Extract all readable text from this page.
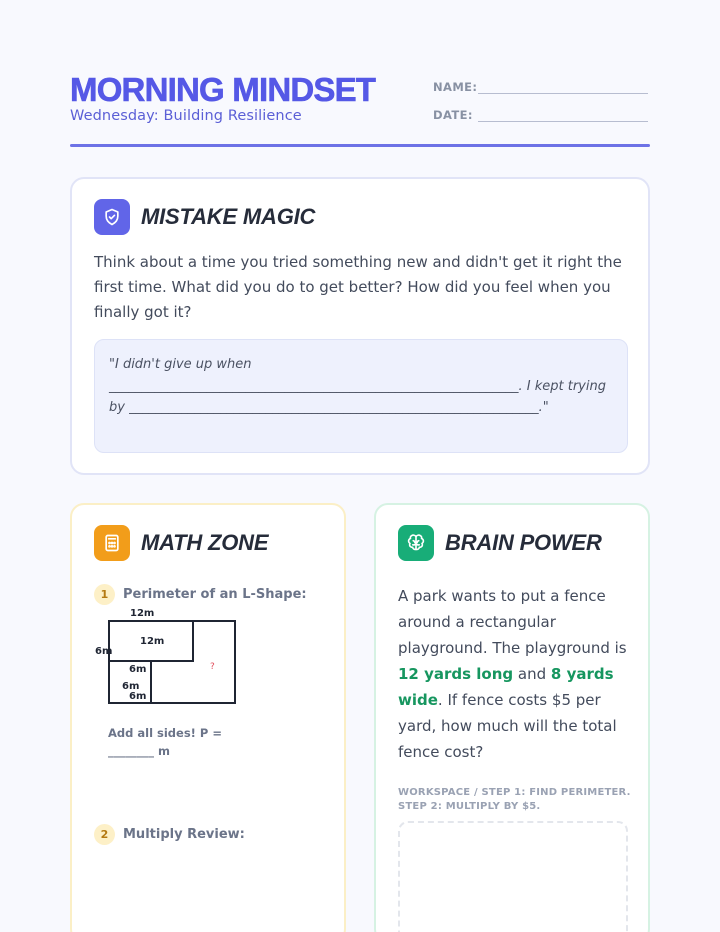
MORNING MINDSET
Wednesday: Building Resilience
NAME:
DATE:
MISTAKE MAGIC
Think about a time you tried something new and didn't get it right the first time. What did you do to get better? How did you feel when you finally got it?
"I didn't give up when _______________________________________________________________. I kept trying by _______________________________________________________________."
MATH ZONE
1	Perimeter of an L-Shape:
12m
12m
6m
6m
6m
6m
?
Add all sides! P = ________ m
2	Multiply Review:
BRAIN POWER
A park wants to put a fence around a rectangular playground. The playground is 12 yards long and 8 yards wide. If fence costs $5 per yard, how much will the total fence cost?
WORKSPACE / STEP 1: FIND PERIMETER. STEP 2: MULTIPLY BY $5.
